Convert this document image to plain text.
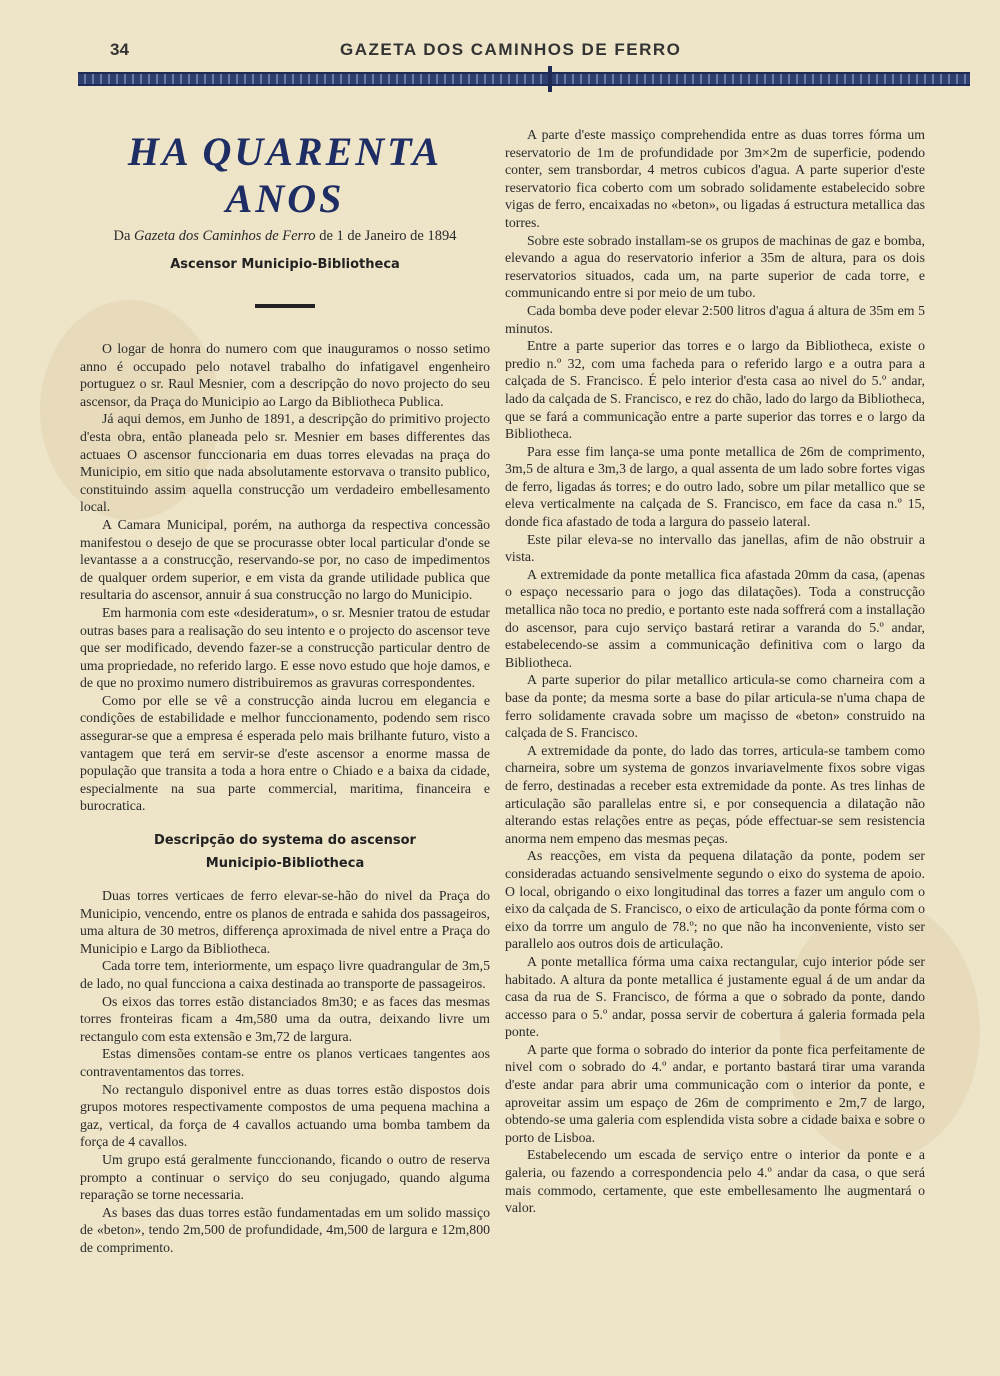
34	GAZETA DOS CAMINHOS DE FERRO
HA QUARENTA ANOS
Da Gazeta dos Caminhos de Ferro de 1 de Janeiro de 1894
Ascensor Municipio-Bibliotheca

O logar de honra do numero com que inauguramos o nosso setimo anno é occupado pelo notavel trabalho do infatigavel engenheiro portuguez o sr. Raul Mesnier, com a descripção do novo projecto do seu ascensor, da Praça do Municipio ao Largo da Bibliotheca Publica.

Já aqui demos, em Junho de 1891, a descripção do primitivo projecto d'esta obra, então planeada pelo sr. Mesnier em bases differentes das actuaes O ascensor funccionaria em duas torres elevadas na praça do Municipio, em sitio que nada absolutamente estorvava o transito publico, constituindo assim aquella construcção um verdadeiro embellesamento local.

A Camara Municipal, porém, na authorga da respectiva concessão manifestou o desejo de que se procurasse obter local particular d'onde se levantasse a a construcção, reservando-se por, no caso de impedimentos de qualquer ordem superior, e em vista da grande utilidade publica que resultaria do ascensor, annuir á sua construcção no largo do Municipio.

Em harmonia com este «desideratum», o sr. Mesnier tratou de estudar outras bases para a realisação do seu intento e o projecto do ascensor teve que ser modificado, devendo fazer-se a construcção particular dentro de uma propriedade, no referido largo. E esse novo estudo que hoje damos, e de que no proximo numero distribuiremos as gravuras correspondentes.

Como por elle se vê a construcção ainda lucrou em elegancia e condições de estabilidade e melhor funccionamento, podendo sem risco assegurar-se que a empresa é esperada pelo mais brilhante futuro, visto a vantagem que terá em servir-se d'este ascensor a enorme massa de população que transita a toda a hora entre o Chiado e a baixa da cidade, especialmente na sua parte commercial, maritima, financeira e burocratica.

Descripção do systema do ascensor
Municipio-Bibliotheca

Duas torres verticaes de ferro elevar-se-hão do nivel da Praça do Municipio, vencendo, entre os planos de entrada e sahida dos passageiros, uma altura de 30 metros, differença aproximada de nivel entre a Praça do Municipio e Largo da Bibliotheca.

Cada torre tem, interiormente, um espaço livre quadrangular de 3m,5 de lado, no qual funcciona a caixa destinada ao transporte de passageiros.

Os eixos das torres estão distanciados 8m30; e as faces das mesmas torres fronteiras ficam a 4m,580 uma da outra, deixando livre um rectangulo com esta extensão e 3m,72 de largura.

Estas dimensões contam-se entre os planos verticaes tangentes aos contraventamentos das torres.

No rectangulo disponivel entre as duas torres estão dispostos dois grupos motores respectivamente compostos de uma pequena machina a gaz, vertical, da força de 4 cavallos actuando uma bomba tambem da força de 4 cavallos.

Um grupo está geralmente funccionando, ficando o outro de reserva prompto a continuar o serviço do seu conjugado, quando alguma reparação se torne necessaria.

As bases das duas torres estão fundamentadas em um solido massiço de «beton», tendo 2m,500 de profundidade, 4m,500 de largura e 12m,800 de comprimento.

A parte d'este massiço comprehendida entre as duas torres fórma um reservatorio de 1m de profundidade por 3m×2m de superficie, podendo conter, sem transbordar, 4 metros cubicos d'agua. A parte superior d'este reservatorio fica coberto com um sobrado solidamente estabelecido sobre vigas de ferro, encaixadas no «beton», ou ligadas á estructura metallica das torres.

Sobre este sobrado installam-se os grupos de machinas de gaz e bomba, elevando a agua do reservatorio inferior a 35m de altura, para os dois reservatorios situados, cada um, na parte superior de cada torre, e communicando entre si por meio de um tubo.

Cada bomba deve poder elevar 2:500 litros d'agua á altura de 35m em 5 minutos.

Entre a parte superior das torres e o largo da Bibliotheca, existe o predio n.º 32, com uma facheda para o referido largo e a outra para a calçada de S. Francisco. É pelo interior d'esta casa ao nivel do 5.º andar, lado da calçada de S. Francisco, e rez do chão, lado do largo da Bibliotheca, que se fará a communicação entre a parte superior das torres e o largo da Bibliotheca.

Para esse fim lança-se uma ponte metallica de 26m de comprimento, 3m,5 de altura e 3m,3 de largo, a qual assenta de um lado sobre fortes vigas de ferro, ligadas ás torres; e do outro lado, sobre um pilar metallico que se eleva verticalmente na calçada de S. Francisco, em face da casa n.º 15, donde fica afastado de toda a largura do passeio lateral.

Este pilar eleva-se no intervallo das janellas, afim de não obstruir a vista.

A extremidade da ponte metallica fica afastada 20mm da casa, (apenas o espaço necessario para o jogo das dilatações). Toda a construcção metallica não toca no predio, e portanto este nada soffrerá com a installação do ascensor, para cujo serviço bastará retirar a varanda do 5.º andar, estabelecendo-se assim a communicação definitiva com o largo da Bibliotheca.

A parte superior do pilar metallico articula-se como charneira com a base da ponte; da mesma sorte a base do pilar articula-se n'uma chapa de ferro solidamente cravada sobre um maçisso de «beton» construido na calçada de S. Francisco.

A extremidade da ponte, do lado das torres, articula-se tambem como charneira, sobre um systema de gonzos invariavelmente fixos sobre vigas de ferro, destinadas a receber esta extremidade da ponte. As tres linhas de articulação são parallelas entre si, e por consequencia a dilatação não alterando estas relações entre as peças, póde effectuar-se sem resistencia anorma nem empeno das mesmas peças.

As reacções, em vista da pequena dilatação da ponte, podem ser consideradas actuando sensivelmente segundo o eixo do systema de apoio. O local, obrigando o eixo longitudinal das torres a fazer um angulo com o eixo da calçada de S. Francisco, o eixo de articulação da ponte fórma com o eixo da torrre um angulo de 78.º; no que não ha inconveniente, visto ser parallelo aos outros dois de articulação.

A ponte metallica fórma uma caixa rectangular, cujo interior póde ser habitado. A altura da ponte metallica é justamente egual á de um andar da casa da rua de S. Francisco, de fórma a que o sobrado da ponte, dando accesso para o 5.º andar, possa servir de cobertura á galeria formada pela ponte.

A parte que forma o sobrado do interior da ponte fica perfeitamente de nivel com o sobrado do 4.º andar, e portanto bastará tirar uma varanda d'este andar para abrir uma communicação com o interior da ponte, e aproveitar assim um espaço de 26m de comprimento e 2m,7 de largo, obtendo-se uma galeria com esplendida vista sobre a cidade baixa e sobre o porto de Lisboa.

Estabelecendo um escada de serviço entre o interior da ponte e a galeria, ou fazendo a correspondencia pelo 4.º andar da casa, o que será mais commodo, certamente, que este embellesamento lhe augmentará o valor.
